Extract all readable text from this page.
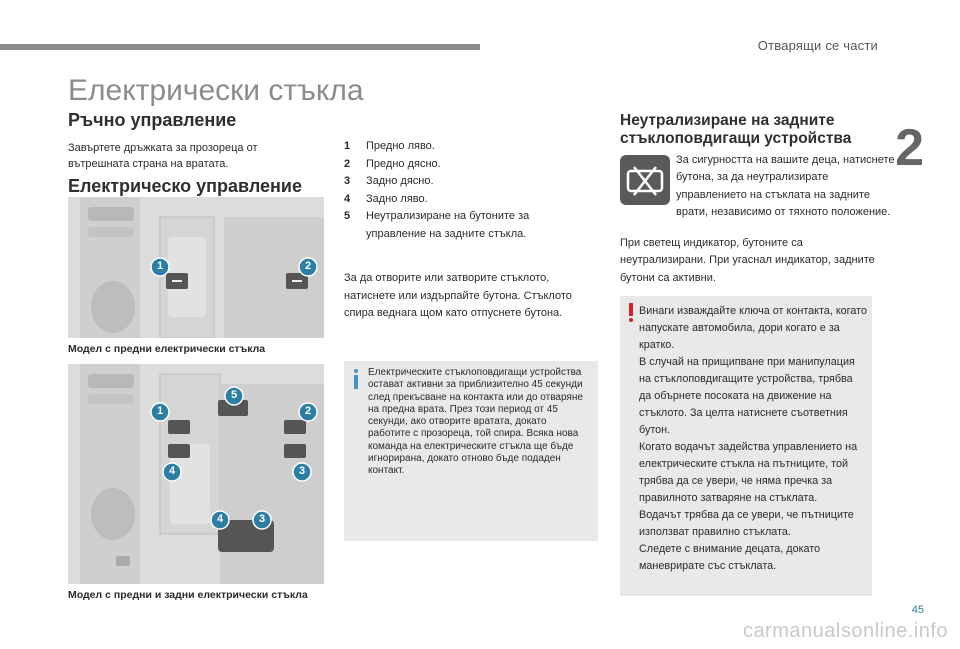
Отварящи се части
2
Електрически стъкла
Ръчно управление
Завъртете дръжката за прозореца от вътрешната страна на вратата.
Електрическо управление
1	2
Модел с предни електрически стъкла
5
1	2
4	3
4	3
Модел с предни и задни електрически стъкла
1	Предно ляво.
2	Предно дясно.
3	Задно дясно.
4	Задно ляво.
5	Неутрализиране на бутоните за управление на задните стъкла.
За да отворите или затворите стъклото, натиснете или издърпайте бутона. Стъклото спира веднага щом като отпуснете бутона.
Електрическите стъклоповдигащи устройства остават активни за приблизително 45 секунди след прекъсване на контакта или до отваряне на предна врата. През този период от 45 секунди, ако отворите вратата, докато работите с прозореца, той спира. Всяка нова команда на електрическите стъкла ще бъде игнорирана, докато отново бъде подаден контакт.
Неутрализиране на задните стъклоповдигащи устройства
За сигурността на вашите деца, натиснете бутона, за да неутрализирате управлението на стъклата на задните врати, независимо от тяхното положение.
При светещ индикатор, бутоните са неутрализирани. При угаснал индикатор, задните бутони са активни.
Винаги изваждайте ключа от контакта, когато напускате автомобила, дори когато е за кратко.
В случай на прищипване при манипулация на стъклоповдигащите устройства, трябва да обърнете посоката на движение на стъклото. За целта натиснете съответния бутон.
Когато водачът задейства управлението на електрическите стъкла на пътниците, той трябва да се увери, че няма пречка за правилното затваряне на стъклата.
Водачът трябва да се увери, че пътниците използват правилно стъклата.
Следете с внимание децата, докато маневрирате със стъклата.
45
carmanualsonline.info
